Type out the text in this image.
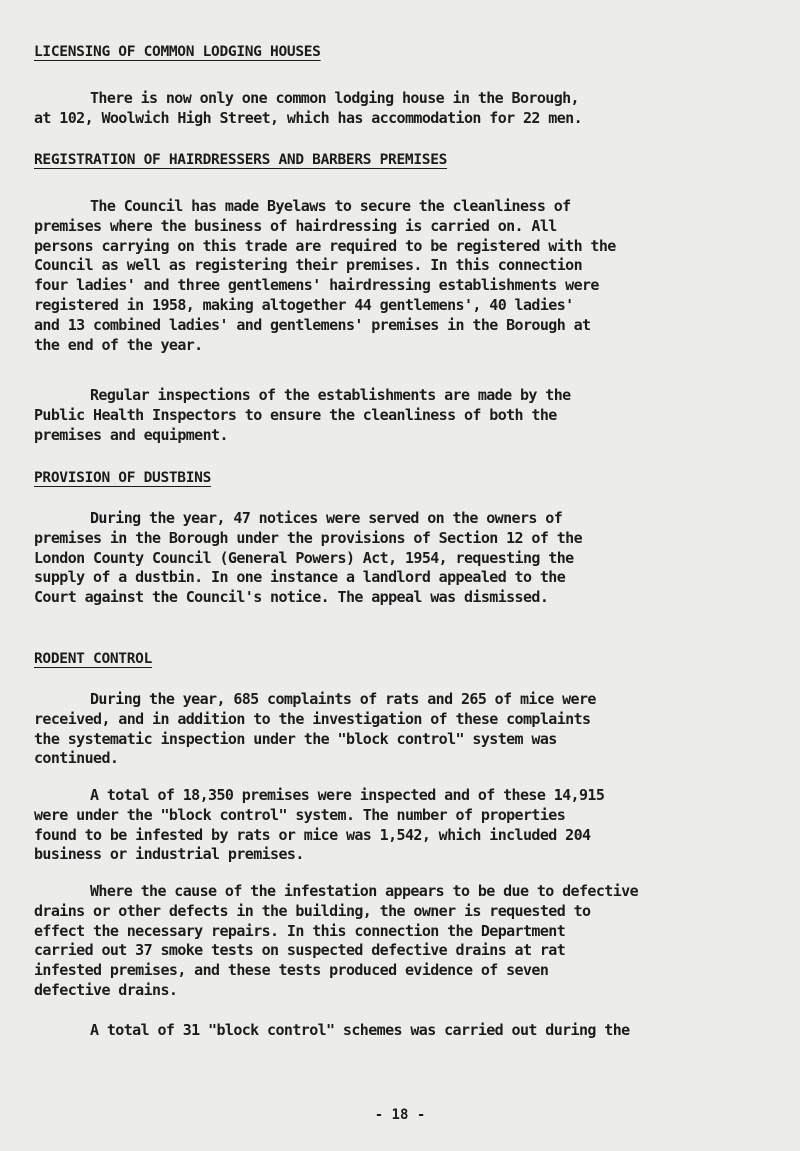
LICENSING OF COMMON LODGING HOUSES

There is now only one common lodging house in the Borough,
at 102, Woolwich High Street, which has accommodation for 22 men.

REGISTRATION OF HAIRDRESSERS AND BARBERS PREMISES

The Council has made Byelaws to secure the cleanliness of
premises where the business of hairdressing is carried on. All
persons carrying on this trade are required to be registered with the
Council as well as registering their premises. In this connection
four ladies' and three gentlemens' hairdressing establishments were
registered in 1958, making altogether 44 gentlemens', 40 ladies'
and 13 combined ladies' and gentlemens' premises in the Borough at
the end of the year.

Regular inspections of the establishments are made by the
Public Health Inspectors to ensure the cleanliness of both the
premises and equipment.

PROVISION OF DUSTBINS

During the year, 47 notices were served on the owners of
premises in the Borough under the provisions of Section 12 of the
London County Council (General Powers) Act, 1954, requesting the
supply of a dustbin. In one instance a landlord appealed to the
Court against the Council's notice. The appeal was dismissed.

RODENT CONTROL

During the year, 685 complaints of rats and 265 of mice were
received, and in addition to the investigation of these complaints
the systematic inspection under the "block control" system was
continued.

A total of 18,350 premises were inspected and of these 14,915
were under the "block control" system. The number of properties
found to be infested by rats or mice was 1,542, which included 204
business or industrial premises.

Where the cause of the infestation appears to be due to defective
drains or other defects in the building, the owner is requested to
effect the necessary repairs. In this connection the Department
carried out 37 smoke tests on suspected defective drains at rat
infested premises, and these tests produced evidence of seven
defective drains.

A total of 31 "block control" schemes was carried out during the

- 18 -
